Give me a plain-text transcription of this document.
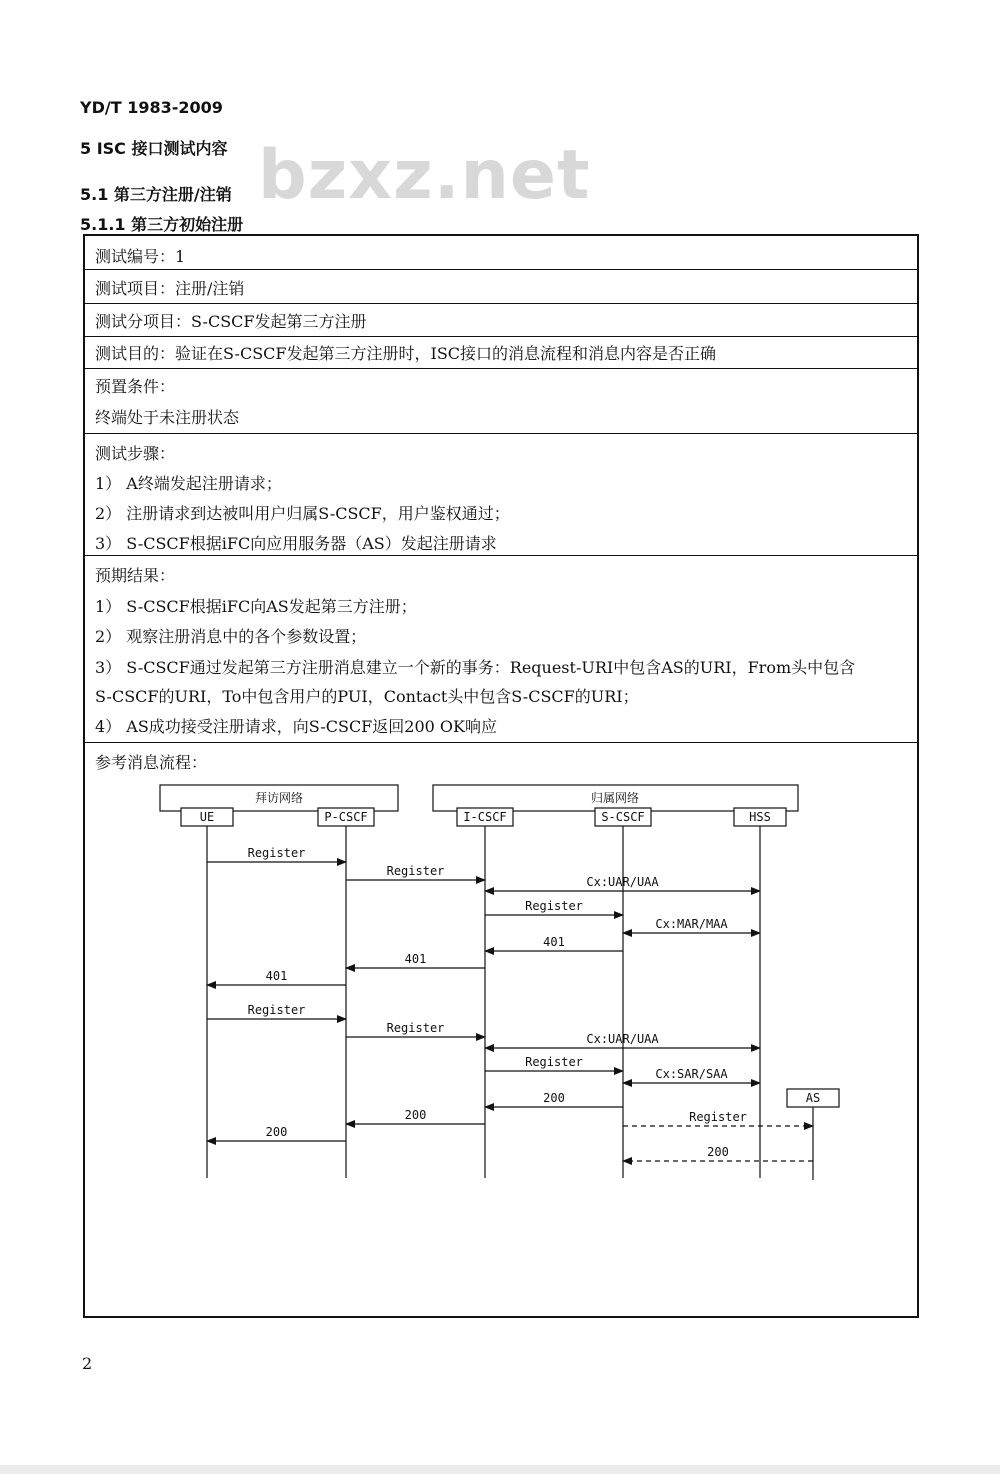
YD/T 1983-2009
5 ISC 接口测试内容
5.1 第三方注册/注销
5.1.1 第三方初始注册
bzxz.net
测试编号：1
测试项目：注册/注销
测试分项目：S-CSCF发起第三方注册
测试目的：验证在S-CSCF发起第三方注册时，ISC接口的消息流程和消息内容是否正确
预置条件：
终端处于未注册状态
测试步骤：
1） A终端发起注册请求；
2） 注册请求到达被叫用户归属S-CSCF，用户鉴权通过；
3） S-CSCF根据iFC向应用服务器（AS）发起注册请求
预期结果：
1） S-CSCF根据iFC向AS发起第三方注册；
2） 观察注册消息中的各个参数设置；
3） S-CSCF通过发起第三方注册消息建立一个新的事务：Request-URI中包含AS的URI，From头中包含
S-CSCF的URI，To中包含用户的PUI，Contact头中包含S-CSCF的URI；
4） AS成功接受注册请求，向S-CSCF返回200 OK响应
参考消息流程：
拜访网络	归属网络
UE	P-CSCF	I-CSCF	S-CSCF	HSS
AS
Register
Register
Cx:UAR/UAA
Register
Cx:MAR/MAA
401
401
401
Register
Register
Cx:UAR/UAA
Register
Cx:SAR/SAA
200
200
200
Register
200
2
